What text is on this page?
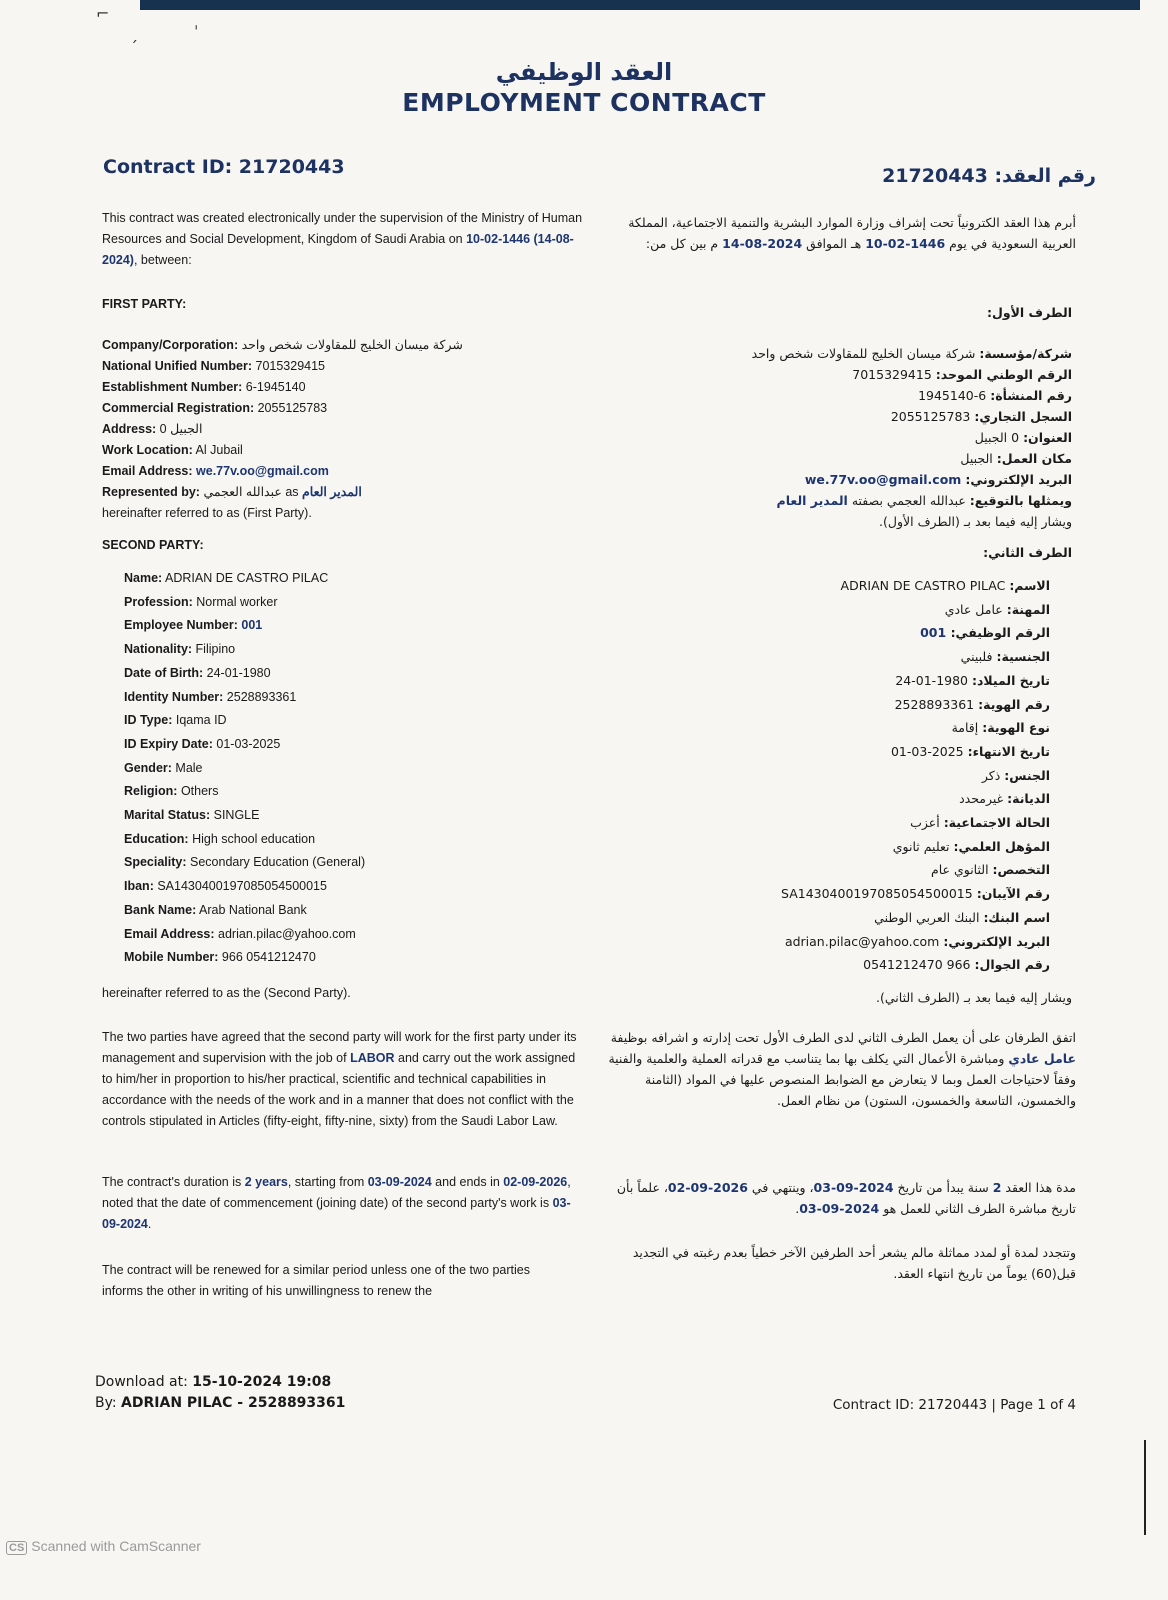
⌐
ˏ
ˌ
العقد الوظيفي
EMPLOYMENT CONTRACT
Contract ID: 21720443	رقم العقد: 21720443
This contract was created electronically under the supervision of the Ministry of Human Resources and Social Development, Kingdom of Saudi Arabia on 10-02-1446 (14-08-2024), between:
أبرم هذا العقد الكترونياً تحت إشراف وزارة الموارد البشرية والتنمية الاجتماعية، المملكة العربية السعودية في يوم 1446-02-10 هـ الموافق 2024-08-14 م بين كل من:
FIRST PARTY:
Company/Corporation: شركة ميسان الخليج للمقاولات شخص واحد
National Unified Number: 7015329415
Establishment Number: 6-1945140
Commercial Registration: 2055125783
Address: 0 الجبيل
Work Location: Al Jubail
Email Address: we.77v.oo@gmail.com
Represented by: عبدالله العجمي as المدير العام
hereinafter referred to as (First Party).
الطرف الأول:
شركة/مؤسسة: شركة ميسان الخليج للمقاولات شخص واحد
الرقم الوطني الموحد: 7015329415
رقم المنشأة: 6-1945140
السجل التجاري: 2055125783
العنوان: 0 الجبيل
مكان العمل: الجبيل
البريد الإلكتروني: we.77v.oo@gmail.com
ويمثلها بالتوقيع: عبدالله العجمي بصفته المدير العام
ويشار إليه فيما بعد بـ (الطرف الأول).
SECOND PARTY:
Name: ADRIAN DE CASTRO PILAC
Profession: Normal worker
Employee Number: 001
Nationality: Filipino
Date of Birth: 24-01-1980
Identity Number: 2528893361
ID Type: Iqama ID
ID Expiry Date: 01-03-2025
Gender: Male
Religion: Others
Marital Status: SINGLE
Education: High school education
Speciality: Secondary Education (General)
Iban: SA1430400197085054500015
Bank Name: Arab National Bank
Email Address: adrian.pilac@yahoo.com
Mobile Number: 966 0541212470
الطرف الثاني:
الاسم: ADRIAN DE CASTRO PILAC
المهنة: عامل عادي
الرقم الوظيفي: 001
الجنسية: فلبيني
تاريخ الميلاد: 1980-01-24
رقم الهوية: 2528893361
نوع الهوية: إقامة
تاريخ الانتهاء: 2025-03-01
الجنس: ذكر
الديانة: غيرمحدد
الحالة الاجتماعية: أعزب
المؤهل العلمي: تعليم ثانوي
التخصص: الثانوي عام
رقم الآيبان: SA1430400197085054500015
اسم البنك: البنك العربي الوطني
البريد الإلكتروني: adrian.pilac@yahoo.com
رقم الجوال: 966 0541212470
hereinafter referred to as the (Second Party).	ويشار إليه فيما بعد بـ (الطرف الثاني).
The two parties have agreed that the second party will work for the first party under its management and supervision with the job of LABOR and carry out the work assigned to him/her in proportion to his/her practical, scientific and technical capabilities in accordance with the needs of the work and in a manner that does not conflict with the controls stipulated in Articles (fifty-eight, fifty-nine, sixty) from the Saudi Labor Law.
اتفق الطرفان على أن يعمل الطرف الثاني لدى الطرف الأول تحت إدارته و اشرافه بوظيفة عامل عادي ومباشرة الأعمال التي يكلف بها بما يتناسب مع قدراته العملية والعلمية والفنية وفقاً لاحتياجات العمل وبما لا يتعارض مع الضوابط المنصوص عليها في المواد (الثامنة والخمسون، التاسعة والخمسون، الستون) من نظام العمل.
The contract's duration is 2 years, starting from 03-09-2024 and ends in 02-09-2026, noted that the date of commencement (joining date) of the second party's work is 03-09-2024.
مدة هذا العقد 2 سنة يبدأ من تاريخ 2024-09-03، وينتهي في 2026-09-02، علماً بأن تاريخ مباشرة الطرف الثاني للعمل هو 2024-09-03.
The contract will be renewed for a similar period unless one of the two parties informs the other in writing of his unwillingness to renew the
وتتجدد لمدة أو لمدد مماثلة مالم يشعر أحد الطرفين الآخر خطياً بعدم رغبته في التجديد قبل(60) يوماً من تاريخ انتهاء العقد.
Download at: 15-10-2024 19:08
By: ADRIAN PILAC - 2528893361	Contract ID: 21720443 | Page 1 of 4
CS Scanned with CamScanner
